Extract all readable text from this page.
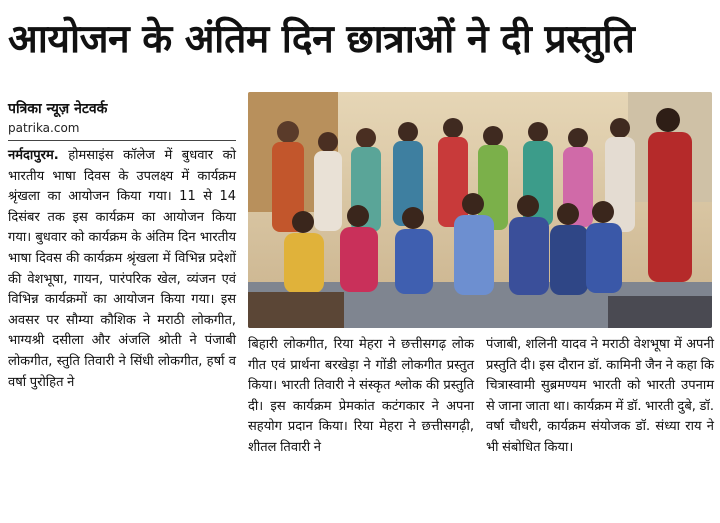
आयोजन के अंतिम दिन छात्राओं ने दी प्रस्तुति
पत्रिका न्यूज़ नेटवर्क
patrika.com
नर्मदापुरम. होमसाइंस कॉलेज में बुधवार को भारतीय भाषा दिवस के उपलक्ष्य में कार्यक्रम श्रृंखला का आयोजन किया गया। 11 से 14 दिसंबर तक इस कार्यक्रम का आयोजन किया गया। बुधवार को कार्यक्रम के अंतिम दिन भारतीय भाषा दिवस की कार्यक्रम श्रृंखला में विभिन्न प्रदेशों की वेशभूषा, गायन, पारंपरिक खेल, व्यंजन एवं विभिन्न कार्यक्रमों का आयोजन किया गया। इस अवसर पर सौम्या कौशिक ने मराठी लोकगीत, भाग्यश्री दसीला और अंजलि श्रोती ने पंजाबी लोकगीत, स्तुति तिवारी ने सिंधी लोकगीत, हर्षा व वर्षा पुरोहित ने
बिहारी लोकगीत, रिया मेहरा ने छत्तीसगढ़ लोक गीत एवं प्रार्थना बरखेड़ा ने गोंडी लोकगीत प्रस्तुत किया। भारती तिवारी ने संस्कृत श्लोक की प्रस्तुति दी। इस कार्यक्रम प्रेमकांत कटंगकार ने अपना सहयोग प्रदान किया। रिया मेहरा ने छत्तीसगढ़ी, शीतल तिवारी ने
पंजाबी, शलिनी यादव ने मराठी वेशभूषा में अपनी प्रस्तुति दी। इस दौरान डॉ. कामिनी जैन ने कहा कि चित्रास्वामी सुब्रमण्यम भारती को भारती उपनाम से जाना जाता था। कार्यक्रम में डॉ. भारती दुबे, डॉ. वर्षा चौधरी, कार्यक्रम संयोजक डॉ. संध्या राय ने भी संबोधित किया।
